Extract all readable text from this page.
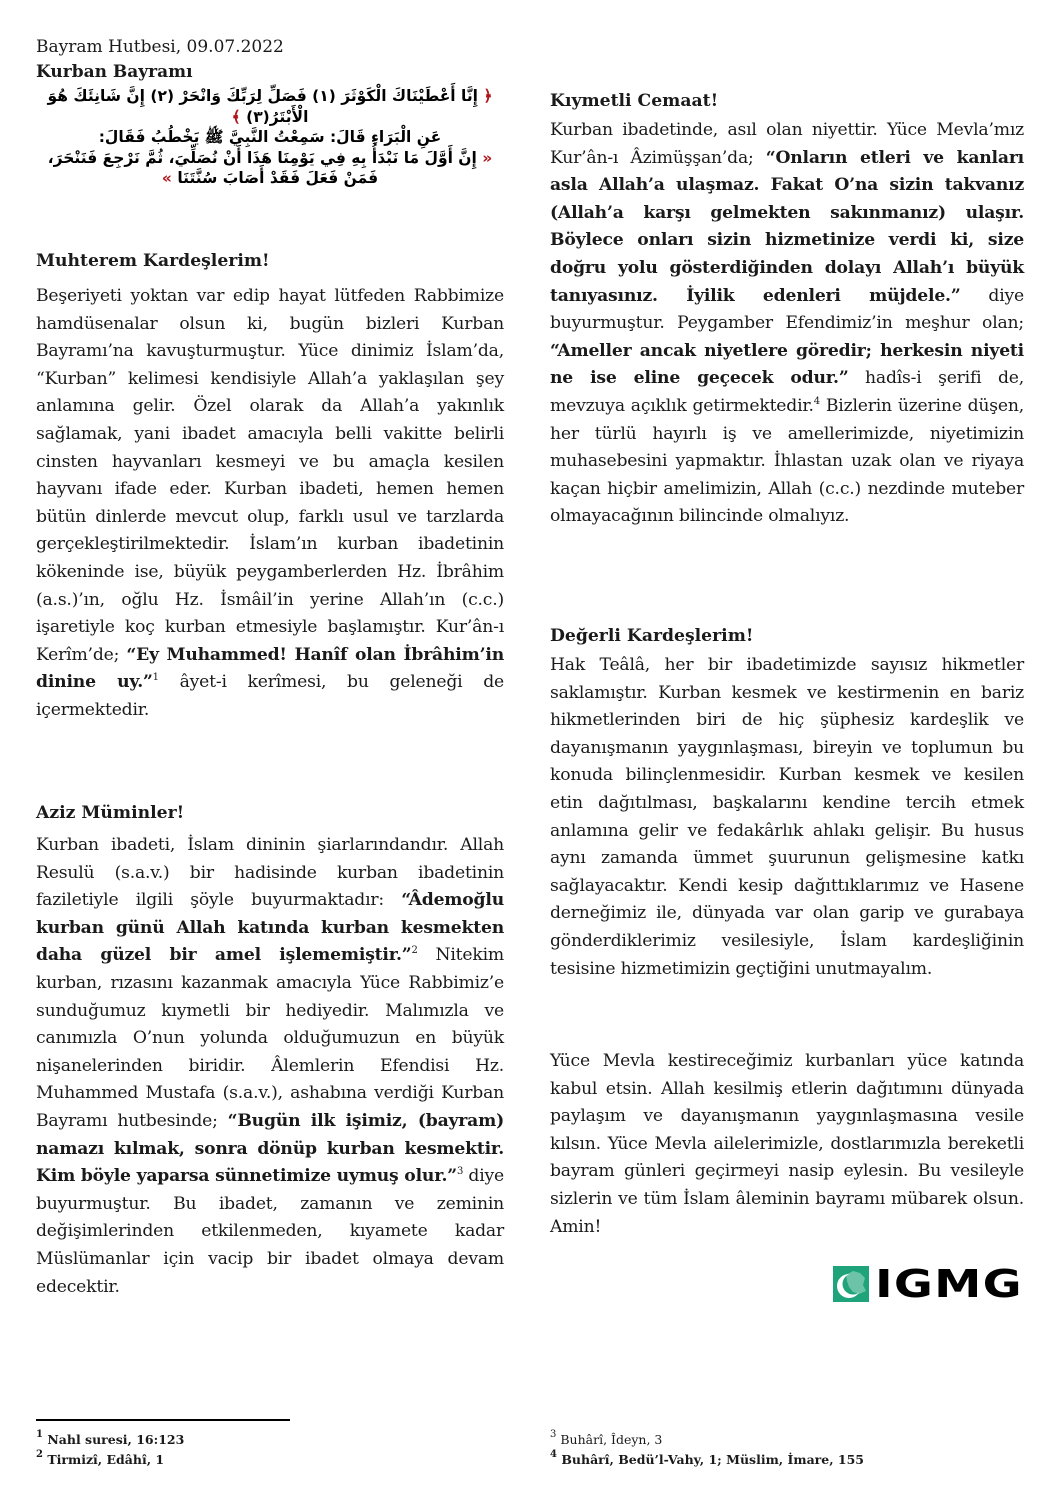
Bayram Hutbesi, 09.07.2022
Kurban Bayramı
﴿ إِنَّا أَعْطَيْنَاكَ الْكَوْثَرَ (١) فَصَلِّ لِرَبِّكَ وَانْحَرْ (٢) إِنَّ شَانِئَكَ هُوَ الْأَبْتَرُ(٣) ﴾
عَنِ الْبَرَاءِ قَالَ: سَمِعْتُ النَّبِيَّ ﷺ يَخْطُبُ فَقَالَ:
« إِنَّ أَوَّلَ مَا نَبْدَأُ بِهِ فِي يَوْمِنَا هَذَا أَنْ نُصَلِّيَ، ثُمَّ نَرْجِعَ فَنَنْحَرَ، فَمَنْ فَعَلَ فَقَدْ أَصَابَ سُنَّتَنَا »

Muhterem Kardeşlerim!

Beşeriyeti yoktan var edip hayat lütfeden Rabbimize hamdüsenalar olsun ki, bugün bizleri Kurban Bayramı’na kavuşturmuştur. Yüce dinimiz İslam’da, “Kurban” kelimesi kendisiyle Allah’a yaklaşılan şey anlamına gelir. Özel olarak da Allah’a yakınlık sağlamak, yani ibadet amacıyla belli vakitte belirli cinsten hayvanları kesmeyi ve bu amaçla kesilen hayvanı ifade eder. Kurban ibadeti, hemen hemen bütün dinlerde mevcut olup, farklı usul ve tarzlarda gerçekleştirilmektedir. İslam’ın kurban ibadetinin kökeninde ise, büyük peygamberlerden Hz. İbrâhim (a.s.)’ın, oğlu Hz. İsmâil’in yerine Allah’ın (c.c.) işaretiyle koç kurban etmesiyle başlamıştır. Kur’ân-ı Kerîm’de; “Ey Muhammed! Hanîf olan İbrâhim’in dinine uy.”$^1$ âyet-i kerîmesi, bu geleneği de içermektedir.

Aziz Müminler!

Kurban ibadeti, İslam dininin şiarlarındandır. Allah Resulü (s.a.v.) bir hadisinde kurban ibadetinin faziletiyle ilgili şöyle buyurmaktadır: “Âdemoğlu kurban günü Allah katında kurban kesmekten daha güzel bir amel işlememiştir.”$^2$ Nitekim kurban, rızasını kazanmak amacıyla Yüce Rabbimiz’e sunduğumuz kıymetli bir hediyedir. Malımızla ve canımızla O’nun yolunda olduğumuzun en büyük nişanelerinden biridir. Âlemlerin Efendisi Hz. Muhammed Mustafa (s.a.v.), ashabına verdiği Kurban Bayramı hutbesinde; “Bugün ilk işimiz, (bayram) namazı kılmak, sonra dönüp kurban kesmektir. Kim böyle yaparsa sünnetimize uymuş olur.”$^3$ diye buyurmuştur. Bu ibadet, zamanın ve zeminin değişimlerinden etkilenmeden, kıyamete kadar Müslümanlar için vacip bir ibadet olmaya devam edecektir.

Kıymetli Cemaat!

Kurban ibadetinde, asıl olan niyettir. Yüce Mevla’mız Kur’ân-ı Âzimüşşan’da; “Onların etleri ve kanları asla Allah’a ulaşmaz. Fakat O’na sizin takvanız (Allah’a karşı gelmekten sakınmanız) ulaşır. Böylece onları sizin hizmetinize verdi ki, size doğru yolu gösterdiğinden dolayı Allah’ı büyük tanıyasınız. İyilik edenleri müjdele.” diye buyurmuştur. Peygamber Efendimiz’in meşhur olan; “Ameller ancak niyetlere göredir; herkesin niyeti ne ise eline geçecek odur.” hadîs-i şerifi de, mevzuya açıklık getirmektedir.$^4$ Bizlerin üzerine düşen, her türlü hayırlı iş ve amellerimizde, niyetimizin muhasebesini yapmaktır. İhlastan uzak olan ve riyaya kaçan hiçbir amelimizin, Allah (c.c.) nezdinde muteber olmayacağının bilincinde olmalıyız.

Değerli Kardeşlerim!

Hak Teâlâ, her bir ibadetimizde sayısız hikmetler saklamıştır. Kurban kesmek ve kestirmenin en bariz hikmetlerinden biri de hiç şüphesiz kardeşlik ve dayanışmanın yaygınlaşması, bireyin ve toplumun bu konuda bilinçlenmesidir. Kurban kesmek ve kesilen etin dağıtılması, başkalarını kendine tercih etmek anlamına gelir ve fedakârlık ahlakı gelişir. Bu husus aynı zamanda ümmet şuurunun gelişmesine katkı sağlayacaktır. Kendi kesip dağıttıklarımız ve Hasene derneğimiz ile, dünyada var olan garip ve gurabaya gönderdiklerimiz vesilesiyle, İslam kardeşliğinin tesisine hizmetimizin geçtiğini unutmayalım.

Yüce Mevla kestireceğimiz kurbanları yüce katında kabul etsin. Allah kesilmiş etlerin dağıtımını dünyada paylaşım ve dayanışmanın yaygınlaşmasına vesile kılsın. Yüce Mevla ailelerimizle, dostlarımızla bereketli bayram günleri geçirmeyi nasip eylesin. Bu vesileyle sizlerin ve tüm İslam âleminin bayramı mübarek olsun. Amin!

IGMG
$^1$ Nahl suresi, 16:123
$^2$ Tirmizî, Edâhî, 1
$^3$ Buhârî, Îdeyn, 3
$^4$ Buhârî, Bedü’l-Vahy, 1; Müslim, İmare, 155
